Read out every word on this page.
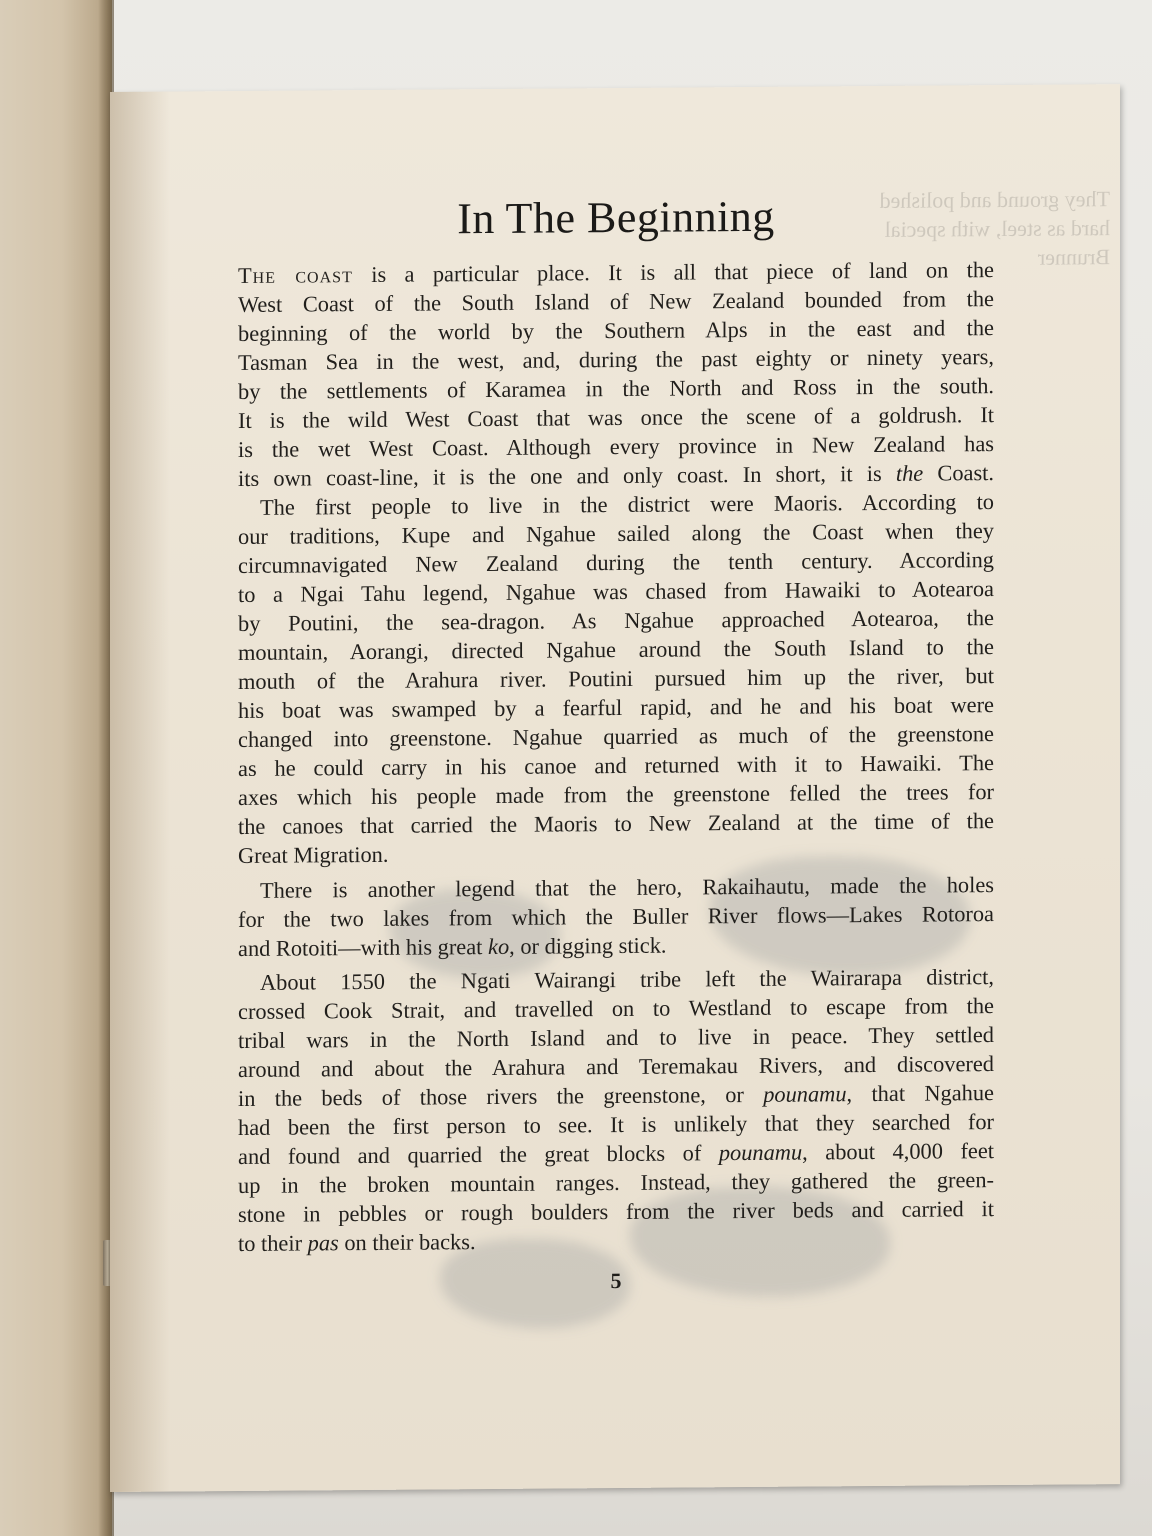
They ground and polished
hard as steel, with special
Brunner
In The Beginning
The coast is a particular place. It is all that piece of land on the
West Coast of the South Island of New Zealand bounded from the
beginning of the world by the Southern Alps in the east and the
Tasman Sea in the west, and, during the past eighty or ninety years,
by the settlements of Karamea in the North and Ross in the south.
It is the wild West Coast that was once the scene of a goldrush. It
is the wet West Coast. Although every province in New Zealand has
its own coast-line, it is the one and only coast. In short, it is the Coast.
The first people to live in the district were Maoris. According to
our traditions, Kupe and Ngahue sailed along the Coast when they
circumnavigated New Zealand during the tenth century. According
to a Ngai Tahu legend, Ngahue was chased from Hawaiki to Aotearoa
by Poutini, the sea-dragon. As Ngahue approached Aotearoa, the
mountain, Aorangi, directed Ngahue around the South Island to the
mouth of the Arahura river. Poutini pursued him up the river, but
his boat was swamped by a fearful rapid, and he and his boat were
changed into greenstone. Ngahue quarried as much of the greenstone
as he could carry in his canoe and returned with it to Hawaiki. The
axes which his people made from the greenstone felled the trees for
the canoes that carried the Maoris to New Zealand at the time of the
Great Migration.
There is another legend that the hero, Rakaihautu, made the holes
for the two lakes from which the Buller River flows—Lakes Rotoroa
and Rotoiti—with his great ko, or digging stick.
About 1550 the Ngati Wairangi tribe left the Wairarapa district,
crossed Cook Strait, and travelled on to Westland to escape from the
tribal wars in the North Island and to live in peace. They settled
around and about the Arahura and Teremakau Rivers, and discovered
in the beds of those rivers the greenstone, or pounamu, that Ngahue
had been the first person to see. It is unlikely that they searched for
and found and quarried the great blocks of pounamu, about 4,000 feet
up in the broken mountain ranges. Instead, they gathered the green-
stone in pebbles or rough boulders from the river beds and carried it
to their pas on their backs.
5
